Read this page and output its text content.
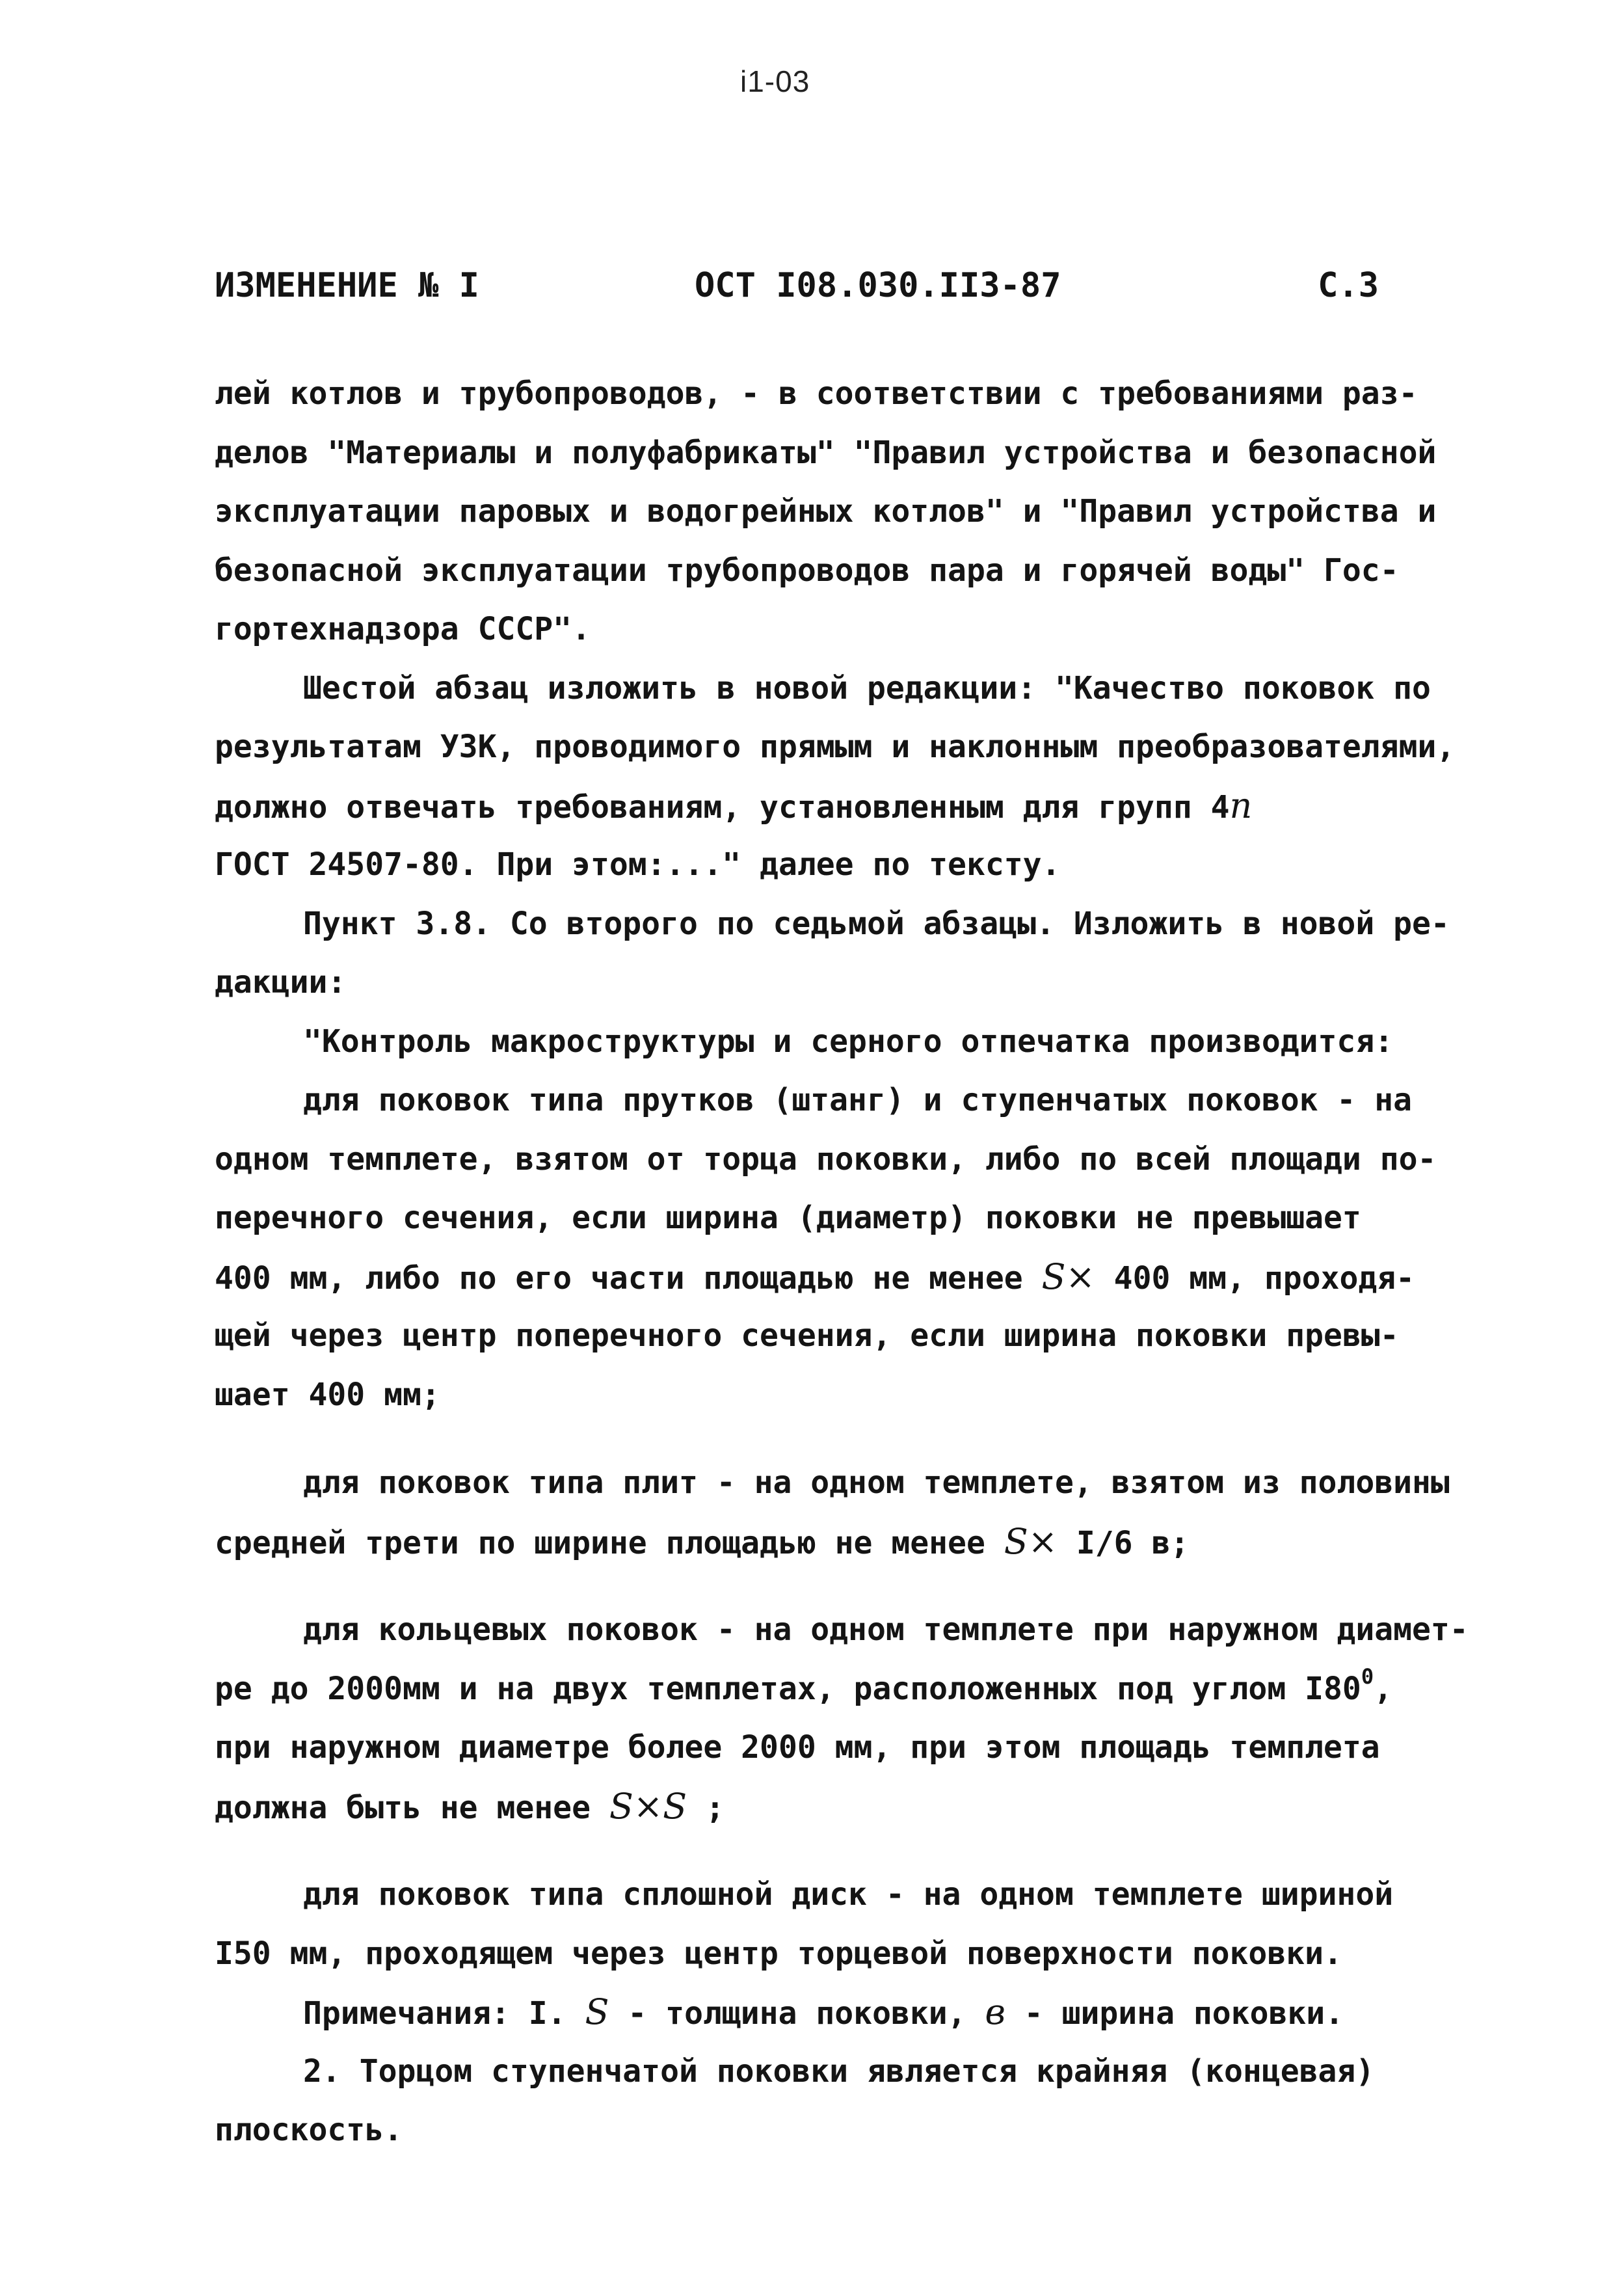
i1-03
ИЗМЕНЕНИЕ № I	ОСТ I08.030.II3-87	С.3
лей котлов и трубопроводов, - в соответствии с требованиями раз-
делов "Материалы и полуфабрикаты" "Правил устройства и безопасной
эксплуатации паровых и водогрейных котлов" и "Правил устройства и
безопасной эксплуатации трубопроводов пара и горячей воды" Гос-
гортехнадзора СССР".
Шестой абзац изложить в новой редакции: "Качество поковок по
результатам УЗК, проводимого прямым и наклонным преобразователями,
должно отвечать требованиям, установленным для групп 4n
ГОСТ 24507-80. При этом:..." далее по тексту.
Пункт 3.8. Со второго по седьмой абзацы. Изложить в новой ре-
дакции:
"Контроль макроструктуры и серного отпечатка производится:
для поковок типа прутков (штанг) и ступенчатых поковок - на
одном темплете, взятом от торца поковки, либо по всей площади по-
перечного сечения, если ширина (диаметр) поковки не превышает
400 мм, либо по его части площадью не менее S× 400 мм, проходя-
щей через центр поперечного сечения, если ширина поковки превы-
шает 400 мм;
для поковок типа плит - на одном темплете, взятом из половины
средней трети по ширине площадью не менее S× I/6 в;
для кольцевых поковок - на одном темплете при наружном диамет-
ре до 2000мм и на двух темплетах, расположенных под углом $I80^0$,
при наружном диаметре более 2000 мм, при этом площадь темплета
должна быть не менее S×S ;
для поковок типа сплошной диск - на одном темплете шириной
I50 мм, проходящем через центр торцевой поверхности поковки.
Примечания: I. S - толщина поковки, в - ширина поковки.
2. Торцом ступенчатой поковки является крайняя (концевая)
плоскость.
